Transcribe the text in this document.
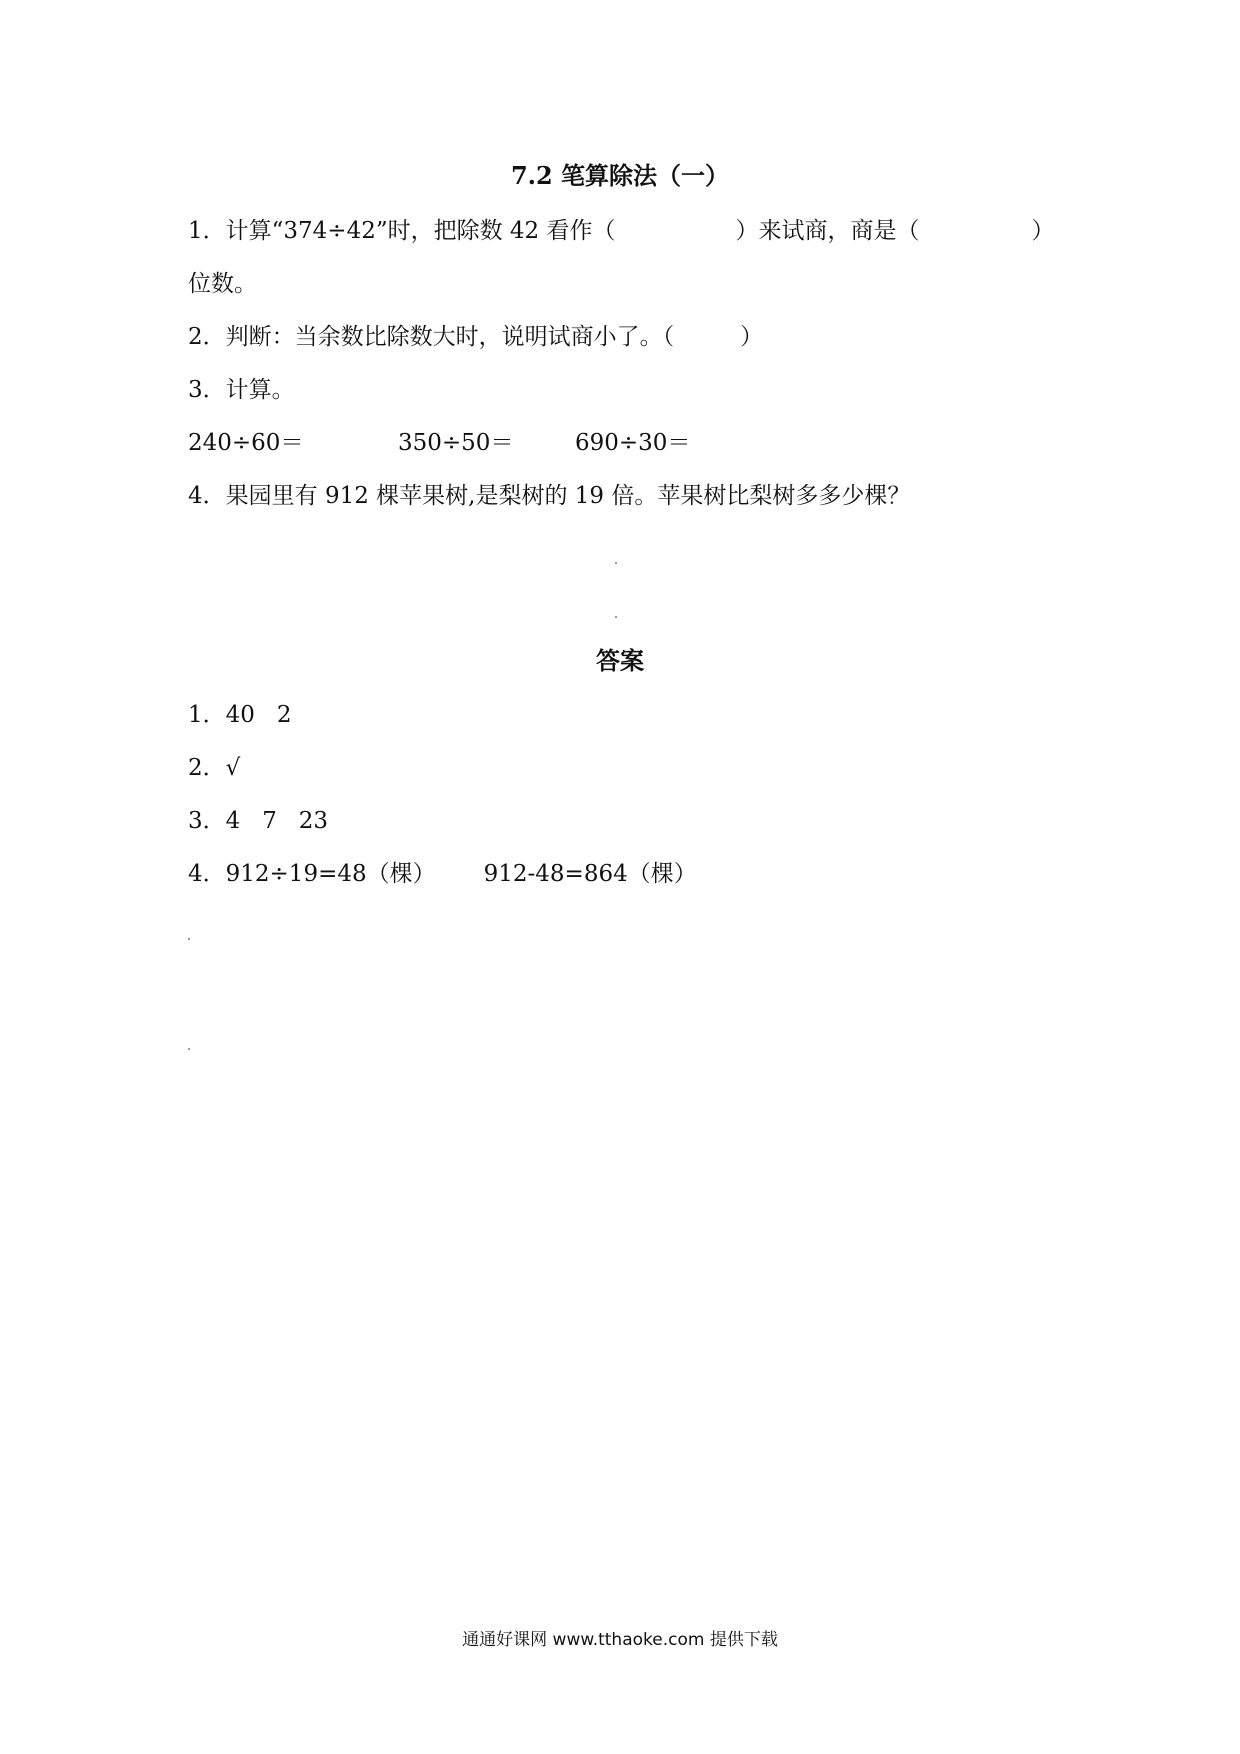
7.2 笔算除法（一）
1．计算“374÷42”时，把除数 42 看作（	）来试商，商是（	）
位数。
2．判断：当余数比除数大时，说明试商小了。（	）
3．计算。
240÷60＝	350÷50＝	690÷30＝
4．果园里有 912 棵苹果树,是梨树的 19 倍。苹果树比梨树多多少棵？
答案
1．40   2
2．√
3．4   7   23
4．912÷19=48（棵） 912-48=864（棵）
通通好课网 www.tthaoke.com 提供下载
